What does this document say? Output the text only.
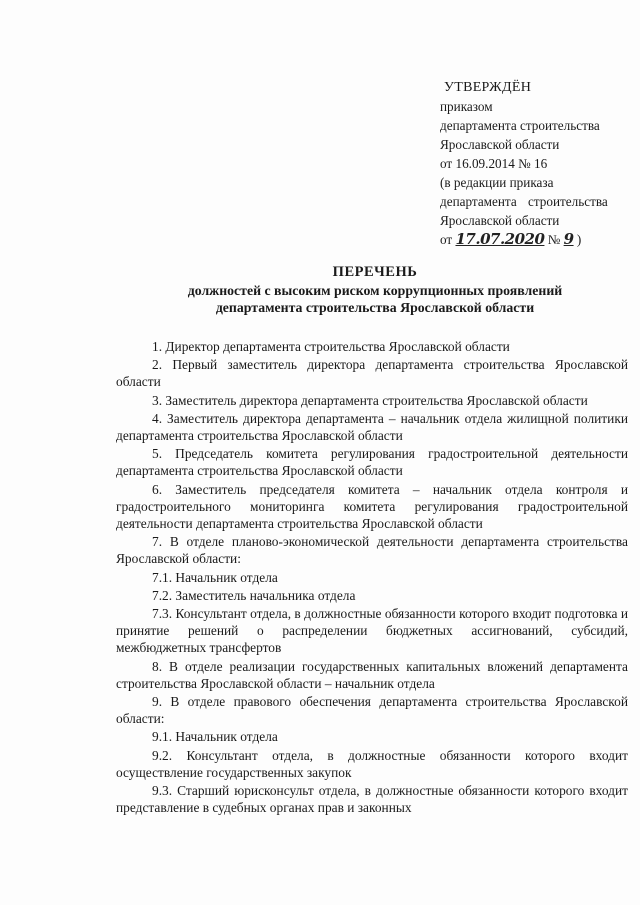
УТВЕРЖДЁН
приказом
департамента строительства
Ярославской области
от 16.09.2014 № 16
(в редакции приказа
департамента строительства
Ярославской области
от 17.07.2020 № 9 )
ПЕРЕЧЕНЬ
должностей с высоким риском коррупционных проявлений
департамента строительства Ярославской области

1. Директор департамента строительства Ярославской области

2. Первый заместитель директора департамента строительства Ярославской области

3. Заместитель директора департамента строительства Ярославской области

4. Заместитель директора департамента – начальник отдела жилищной политики департамента строительства Ярославской области

5. Председатель комитета регулирования градостроительной деятельности департамента строительства Ярославской области

6. Заместитель председателя комитета – начальник отдела контроля и градостроительного мониторинга комитета регулирования градостроительной деятельности департамента строительства Ярославской области

7. В отделе планово-экономической деятельности департамента строительства Ярославской области:

7.1. Начальник отдела

7.2. Заместитель начальника отдела

7.3. Консультант отдела, в должностные обязанности которого входит подготовка и принятие решений о распределении бюджетных ассигнований, субсидий, межбюджетных трансфертов

8. В отделе реализации государственных капитальных вложений департамента строительства Ярославской области – начальник отдела

9. В отделе правового обеспечения департамента строительства Ярославской области:

9.1. Начальник отдела

9.2. Консультант отдела, в должностные обязанности которого входит осуществление государственных закупок

9.3. Старший юрисконсульт отдела, в должностные обязанности которого входит представление в судебных органах прав и законных
